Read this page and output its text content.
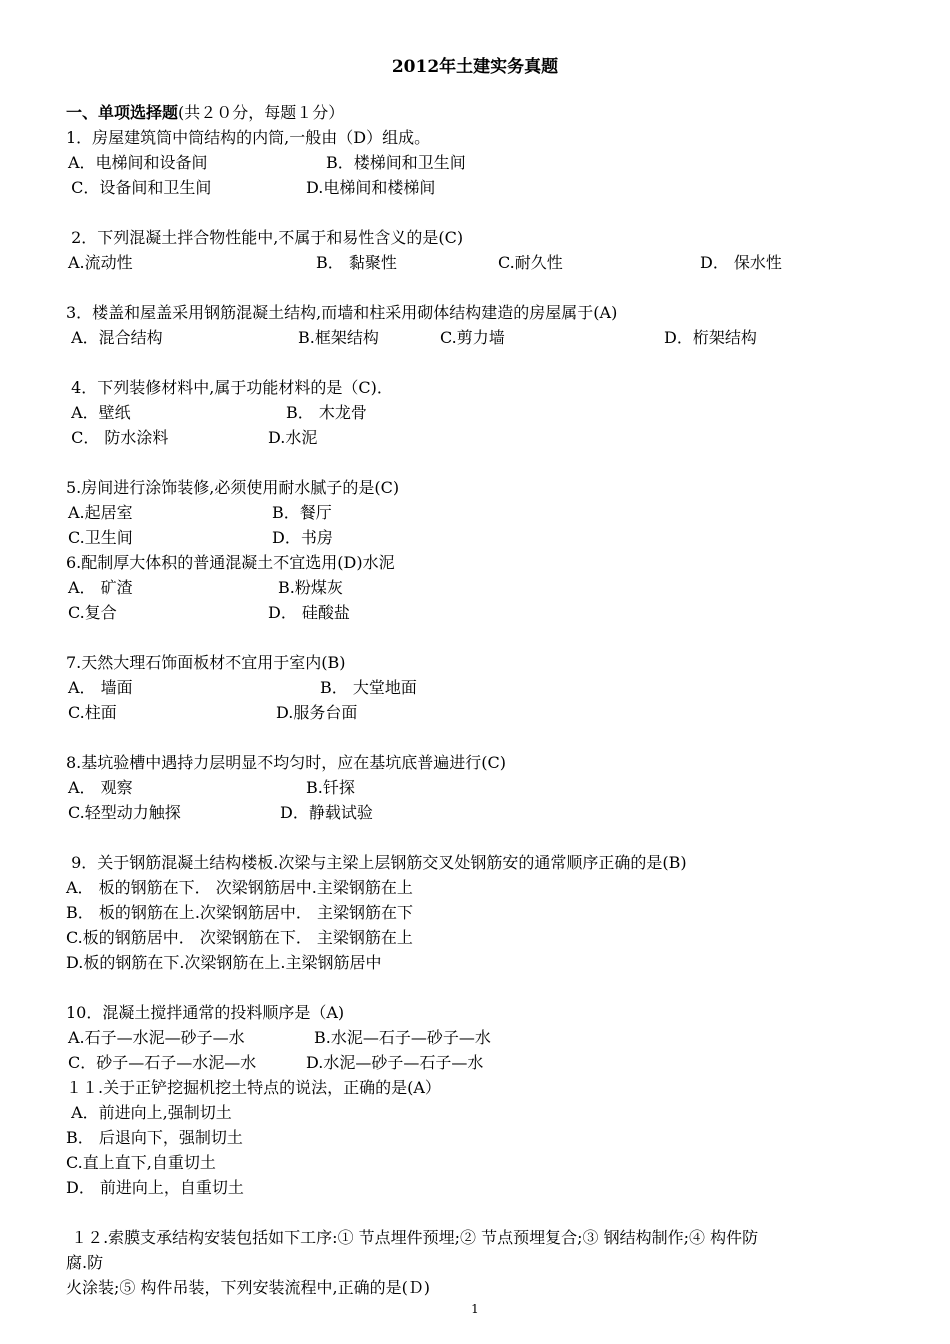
2012年土建实务真题
一、单项选择题(共２０分，每题１分）
1．房屋建筑筒中筒结构的内筒,一般由（D）组成。
A．电梯间和设备间	B．楼梯间和卫生间
C．设备间和卫生间	D.电梯间和楼梯间
2．下列混凝土拌合物性能中,不属于和易性含义的是(C)
A.流动性	B． 黏聚性	C.耐久性	D． 保水性
3．楼盖和屋盖采用钢筋混凝土结构,而墙和柱采用砌体结构建造的房屋属于(A)
A．混合结构	B.框架结构	C.剪力墙	D．桁架结构
4．下列装修材料中,属于功能材料的是（C)．
A．壁纸	B． 木龙骨
C． 防水涂料	D.水泥
5.房间进行涂饰装修,必须使用耐水腻子的是(C)
A.起居室	B．餐厅
C.卫生间	D．书房
6.配制厚大体积的普通混凝土不宜选用(D)水泥
A． 矿渣	B.粉煤灰
C.复合	D． 硅酸盐
7.天然大理石饰面板材不宜用于室内(B)
A． 墙面	B． 大堂地面
C.柱面	D.服务台面
8.基坑验槽中遇持力层明显不均匀时，应在基坑底普遍进行(C)
A． 观察	B.钎探
C.轻型动力触探	D．静载试验
9．关于钢筋混凝土结构楼板.次梁与主梁上层钢筋交叉处钢筋安的通常顺序正确的是(B)
A． 板的钢筋在下． 次梁钢筋居中.主梁钢筋在上
B． 板的钢筋在上.次梁钢筋居中． 主梁钢筋在下
C.板的钢筋居中． 次梁钢筋在下． 主梁钢筋在上
D.板的钢筋在下.次梁钢筋在上.主梁钢筋居中
10．混凝土搅拌通常的投料顺序是（A)
A.石子—水泥—砂子—水	B.水泥—石子—砂子—水
C．砂子—石子—水泥—水	D.水泥—砂子—石子—水
１１.关于正铲挖掘机挖土特点的说法，正确的是(A）
A．前进向上,强制切土
B． 后退向下，强制切土
C.直上直下,自重切土
D． 前进向上，自重切土
１２.索膜支承结构安装包括如下工序:① 节点埋件预埋;② 节点预埋复合;③ 钢结构制作;④ 构件防
腐.防
火涂装;⑤ 构件吊装，下列安装流程中,正确的是(Ｄ)
1
